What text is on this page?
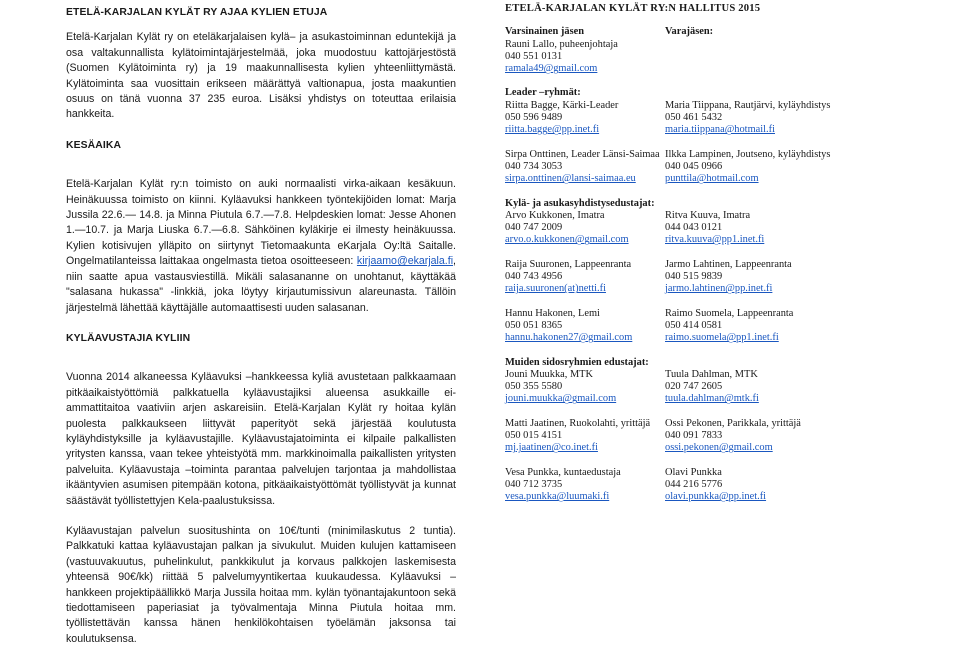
ETELÄ-KARJALAN KYLÄT RY AJAA KYLIEN ETUJA

Etelä-Karjalan Kylät ry on eteläkarjalaisen kylä– ja asukastoiminnan eduntekijä ja osa valtakunnallista kylätoimintajärjestelmää, joka muodostuu kattojärjestöstä (Suomen Kylätoiminta ry) ja 19 maakunnallisesta kylien yhteenliittymästä. Kylätoiminta saa vuosittain erikseen määrättyä valtionapua, josta maakuntien osuus on tänä vuonna 37 235 euroa. Lisäksi yhdistys on toteuttaa erilaisia hankkeita.

KESÄAIKA

Etelä-Karjalan Kylät ry:n toimisto on auki normaalisti virka-aikaan kesäkuun. Heinäkuussa toimisto on kiinni. Kyläavuksi hankkeen työntekijöiden lomat: Marja Jussila 22.6.— 14.8. ja Minna Piutula 6.7.—7.8. Helpdeskien lomat: Jesse Ahonen 1.—10.7. ja Marja Liuska 6.7.—6.8. Sähköinen kyläkirje ei ilmesty heinäkuussa. Kylien kotisivujen ylläpito on siirtynyt Tietomaakunta eKarjala Oy:ltä Saitalle. Ongelmatilanteissa laittakaa ongelmasta tietoa osoitteeseen: kirjaamo@ekarjala.fi, niin saatte apua vastausviestillä. Mikäli salasananne on unohtanut, käyttäkää "salasana hukassa" -linkkiä, joka löytyy kirjautumissivun alareunasta. Tällöin järjestelmä lähettää käyttäjälle automaattisesti uuden salasanan.

KYLÄAVUSTAJIA KYLIIN

Vuonna 2014 alkaneessa Kyläavuksi –hankkeessa kyliä avustetaan palkkaamaan pitkäaikaistyöttömiä palkkatuella kyläavustajiksi alueensa asukkaille ei-ammattitaitoa vaativiin arjen askareisiin. Etelä-Karjalan Kylät ry hoitaa kylän puolesta palkkaukseen liittyvät paperityöt sekä järjestää koulutusta kyläyhdistyksille ja kyläavustajille. Kyläavustajatoiminta ei kilpaile palkallisten yritysten kanssa, vaan tekee yhteistyötä mm. markkinoimalla paikallisten yritysten palveluita. Kyläavustaja –toiminta parantaa palvelujen tarjontaa ja mahdollistaa ikääntyvien asumisen pitempään kotona, pitkäaikaistyöttömät työllistyvät ja kunnat säästävät työllistettyjen Kela-paalustuksissa.

Kyläavustajan palvelun suositushinta on 10€/tunti (minimilaskutus 2 tuntia). Palkkatuki kattaa kyläavustajan palkan ja sivukulut. Muiden kulujen kattamiseen (vastuuvakuutus, puhelinkulut, pankkikulut ja korvaus palkkojen laskemisesta yhteensä 90€/kk) riittää 5 palvelumyyntikertaa kuukaudessa. Kyläavuksi –hankkeen projektipäällikkö Marja Jussila hoitaa mm. kylän työnantajakuntoon sekä tiedottamiseen paperiasiat ja työvalmentaja Minna Piutula hoitaa mm. työllistettävän kanssa hänen henkilökohtaisen työelämän jaksonsa tai koulutuksensa.

ETELÄ-KARJALAN KYLÄT RY:N HALLITUS 2015
Varsinainen jäsen
Rauni Lallo, puheenjohtaja
040 551 0131
ramala49@gmail.com
Varajäsen:
Leader –ryhmät:
Riitta Bagge, Kärki-Leader
050 596 9489
riitta.bagge@pp.inet.fi

Maria Tiippana, Rautjärvi, kyläyhdistys
050 461 5432
maria.tiippana@hotmail.fi
Sirpa Onttinen, Leader Länsi-Saimaa
040 734 3053
sirpa.onttinen@lansi-saimaa.eu
Ilkka Lampinen, Joutseno, kyläyhdistys
040 045 0966
punttila@hotmail.com
Kylä- ja asukasyhdistysedustajat:
Arvo Kukkonen, Imatra
040 747 2009
arvo.o.kukkonen@gmail.com

Ritva Kuuva, Imatra
044 043 0121
ritva.kuuva@pp1.inet.fi
Raija Suuronen, Lappeenranta
040 743 4956
raija.suuronen(at)netti.fi
Jarmo Lahtinen, Lappeenranta
040 515 9839
jarmo.lahtinen@pp.inet.fi
Hannu Hakonen, Lemi
050 051 8365
hannu.hakonen27@gmail.com
Raimo Suomela, Lappeenranta
050 414 0581
raimo.suomela@pp1.inet.fi
Muiden sidosryhmien edustajat:
Jouni Muukka, MTK
050 355 5580
jouni.muukka@gmail.com

Tuula Dahlman, MTK
020 747 2605
tuula.dahlman@mtk.fi
Matti Jaatinen, Ruokolahti, yrittäjä
050 015 4151
mj.jaatinen@co.inet.fi
Ossi Pekonen, Parikkala, yrittäjä
040 091 7833
ossi.pekonen@gmail.com
Vesa Punkka, kuntaedustaja
040 712 3735
vesa.punkka@luumaki.fi
Olavi Punkka
044 216 5776
olavi.punkka@pp.inet.fi
